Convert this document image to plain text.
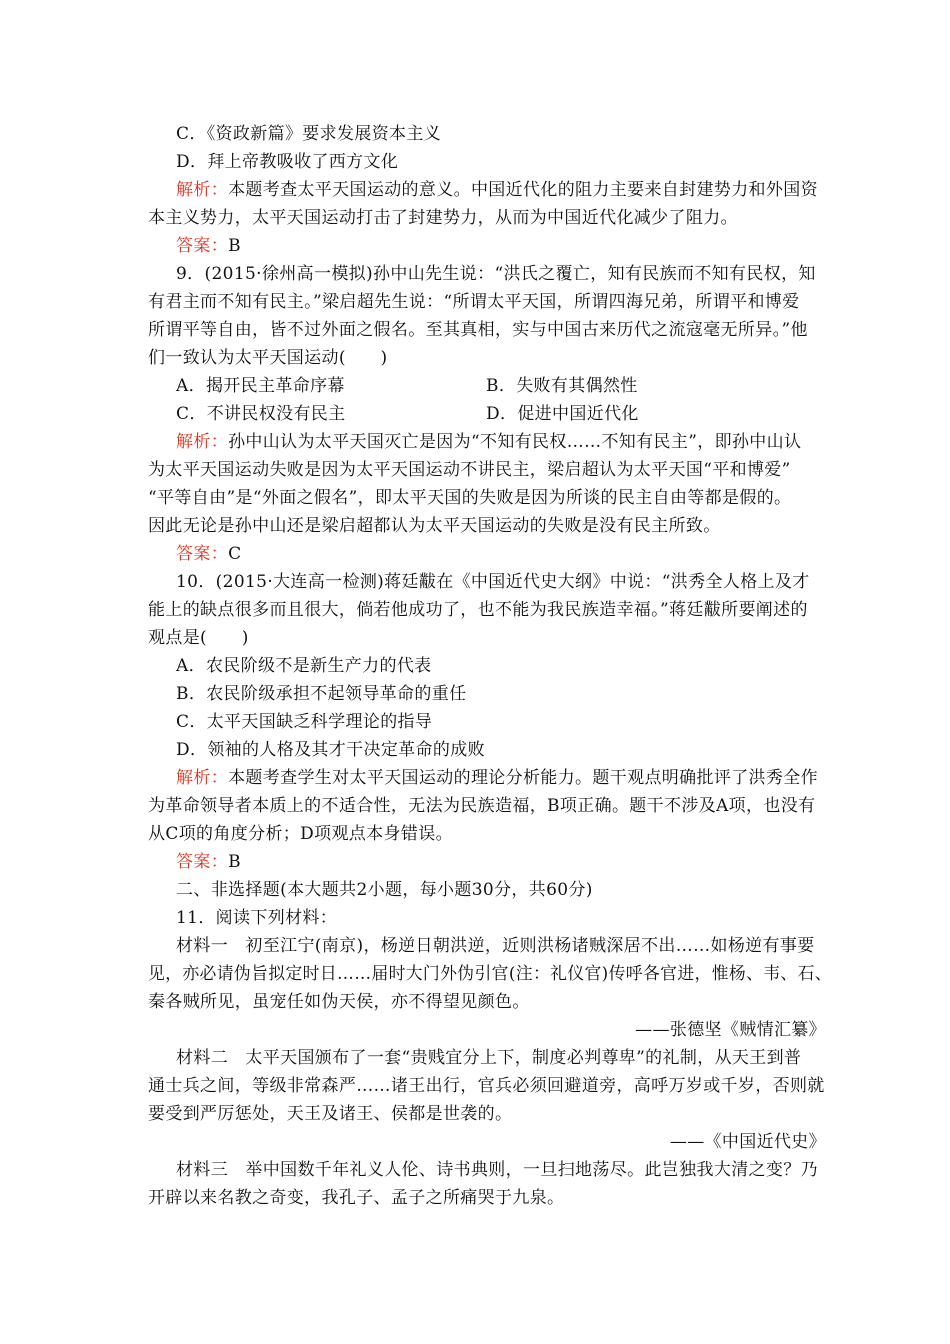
C．《资政新篇》要求发展资本主义
D．拜上帝教吸收了西方文化
解析：本题考查太平天国运动的意义。中国近代化的阻力主要来自封建势力和外国资
本主义势力，太平天国运动打击了封建势力，从而为中国近代化减少了阻力。
答案：B
9．(2015·徐州高一模拟)孙中山先生说：“洪氏之覆亡，知有民族而不知有民权，知
有君主而不知有民主。”梁启超先生说：“所谓太平天国，所谓四海兄弟，所谓平和博爱
所谓平等自由，皆不过外面之假名。至其真相，实与中国古来历代之流寇毫无所异。”他
们一致认为太平天国运动(　　)
A．揭开民主革命序幕	B．失败有其偶然性
C．不讲民权没有民主	D．促进中国近代化
解析：孙中山认为太平天国灭亡是因为“不知有民权……不知有民主”，即孙中山认
为太平天国运动失败是因为太平天国运动不讲民主，梁启超认为太平天国“平和博爱”
“平等自由”是“外面之假名”，即太平天国的失败是因为所谈的民主自由等都是假的。
因此无论是孙中山还是梁启超都认为太平天国运动的失败是没有民主所致。
答案：C
10．(2015·大连高一检测)蒋廷黻在《中国近代史大纲》中说：“洪秀全人格上及才
能上的缺点很多而且很大，倘若他成功了，也不能为我民族造幸福。”蒋廷黻所要阐述的
观点是(　　)
A．农民阶级不是新生产力的代表
B．农民阶级承担不起领导革命的重任
C．太平天国缺乏科学理论的指导
D．领袖的人格及其才干决定革命的成败
解析：本题考查学生对太平天国运动的理论分析能力。题干观点明确批评了洪秀全作
为革命领导者本质上的不适合性，无法为民族造福，B项正确。题干不涉及A项，也没有
从C项的角度分析；D项观点本身错误。
答案：B
二、非选择题(本大题共2小题，每小题30分，共60分)
11．阅读下列材料：
材料一　初至江宁(南京)，杨逆日朝洪逆，近则洪杨诸贼深居不出……如杨逆有事要
见，亦必请伪旨拟定时日……届时大门外伪引官(注：礼仪官)传呼各官进，惟杨、韦、石、
秦各贼所见，虽宠任如伪天侯，亦不得望见颜色。
——张德坚《贼情汇纂》
材料二　太平天国颁布了一套“贵贱宜分上下，制度必判尊卑”的礼制，从天王到普
通士兵之间，等级非常森严……诸王出行，官兵必须回避道旁，高呼万岁或千岁，否则就
要受到严厉惩处，天王及诸王、侯都是世袭的。
——《中国近代史》
材料三　举中国数千年礼义人伦、诗书典则，一旦扫地荡尽。此岂独我大清之变？乃
开辟以来名教之奇变，我孔子、孟子之所痛哭于九泉。
